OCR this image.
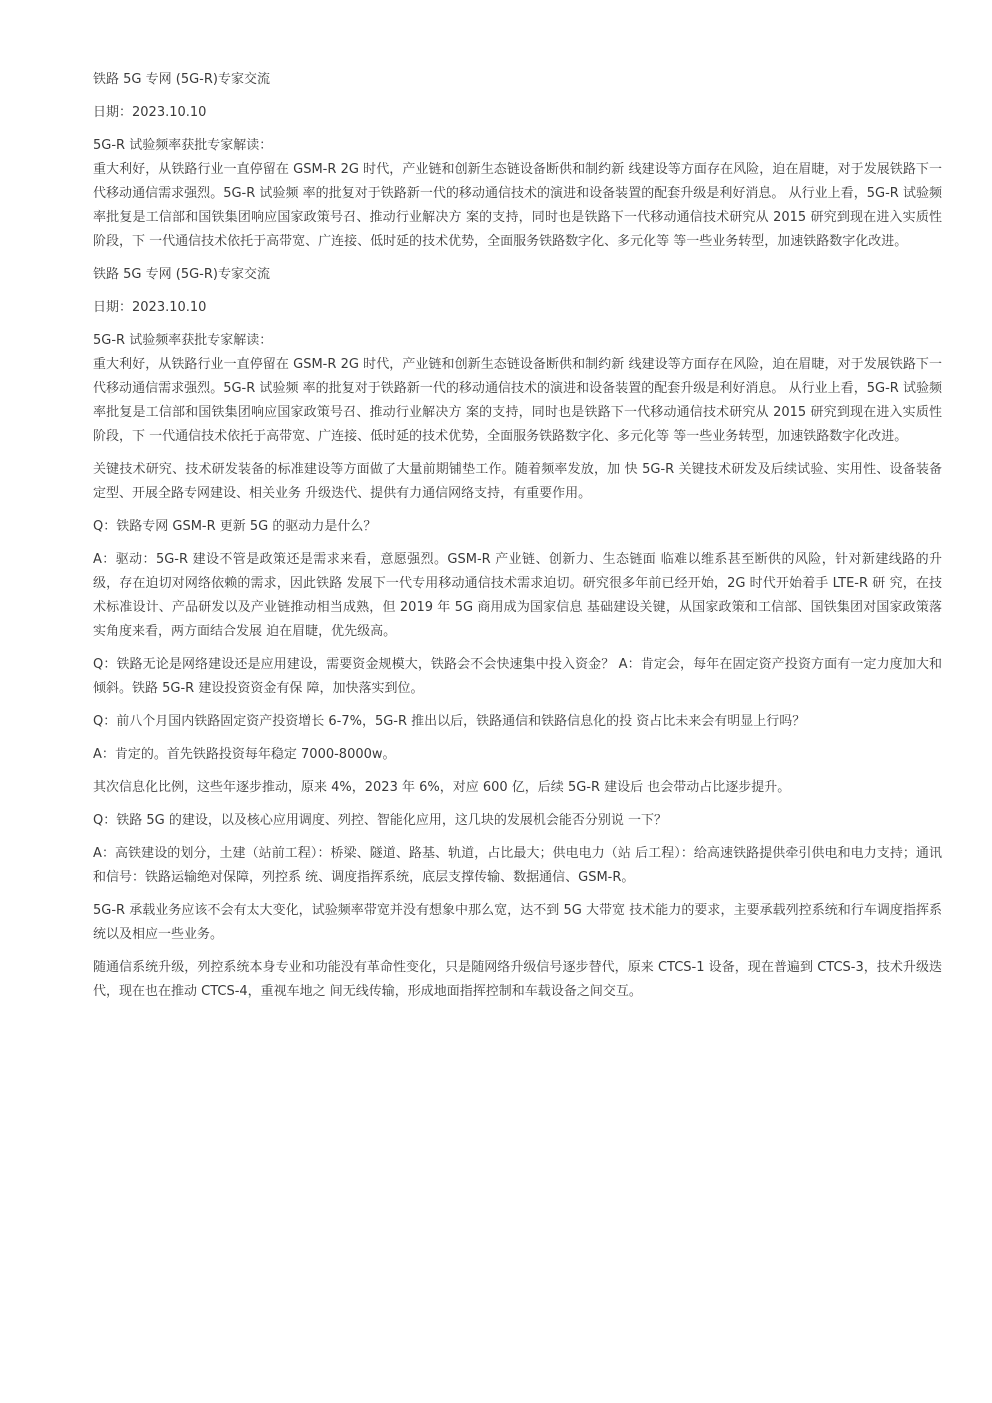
铁路 5G 专网 (5G-R)专家交流

日期：2023.10.10

5G-R 试验频率获批专家解读：

重大利好，从铁路行业一直停留在 GSM-R 2G 时代，产业链和创新生态链设备断供和制约新 线建设等方面存在风险，迫在眉睫，对于发展铁路下一代移动通信需求强烈。5G-R 试验频 率的批复对于铁路新一代的移动通信技术的演进和设备装置的配套升级是利好消息。 从行业上看，5G-R 试验频率批复是工信部和国铁集团响应国家政策号召、推动行业解决方 案的支持，同时也是铁路下一代移动通信技术研究从 2015 研究到现在进入实质性阶段，下 一代通信技术依托于高带宽、广连接、低时延的技术优势，全面服务铁路数字化、多元化等 等一些业务转型，加速铁路数字化改进。

铁路 5G 专网 (5G-R)专家交流

日期：2023.10.10

5G-R 试验频率获批专家解读：

重大利好，从铁路行业一直停留在 GSM-R 2G 时代，产业链和创新生态链设备断供和制约新 线建设等方面存在风险，迫在眉睫，对于发展铁路下一代移动通信需求强烈。5G-R 试验频 率的批复对于铁路新一代的移动通信技术的演进和设备装置的配套升级是利好消息。 从行业上看，5G-R 试验频率批复是工信部和国铁集团响应国家政策号召、推动行业解决方 案的支持，同时也是铁路下一代移动通信技术研究从 2015 研究到现在进入实质性阶段，下 一代通信技术依托于高带宽、广连接、低时延的技术优势，全面服务铁路数字化、多元化等 等一些业务转型，加速铁路数字化改进。

关键技术研究、技术研发装备的标准建设等方面做了大量前期铺垫工作。随着频率发放，加 快 5G-R 关键技术研发及后续试验、实用性、设备装备定型、开展全路专网建设、相关业务 升级迭代、提供有力通信网络支持，有重要作用。

Q：铁路专网 GSM-R 更新 5G 的驱动力是什么？

A：驱动：5G-R 建设不管是政策还是需求来看，意愿强烈。GSM-R 产业链、创新力、生态链面 临难以维系甚至断供的风险，针对新建线路的升级，存在迫切对网络依赖的需求，因此铁路 发展下一代专用移动通信技术需求迫切。研究很多年前已经开始，2G 时代开始着手 LTE-R 研 究，在技术标准设计、产品研发以及产业链推动相当成熟，但 2019 年 5G 商用成为国家信息 基础建设关键，从国家政策和工信部、国铁集团对国家政策落实角度来看，两方面结合发展 迫在眉睫，优先级高。

Q：铁路无论是网络建设还是应用建设，需要资金规模大，铁路会不会快速集中投入资金？ A：肯定会，每年在固定资产投资方面有一定力度加大和倾斜。铁路 5G-R 建设投资资金有保 障，加快落实到位。

Q：前八个月国内铁路固定资产投资增长 6-7%，5G-R 推出以后，铁路通信和铁路信息化的投 资占比未来会有明显上行吗？

A：肯定的。首先铁路投资每年稳定 7000-8000w。

其次信息化比例，这些年逐步推动，原来 4%，2023 年 6%，对应 600 亿，后续 5G-R 建设后 也会带动占比逐步提升。

Q：铁路 5G 的建设，以及核心应用调度、列控、智能化应用，这几块的发展机会能否分别说 一下？

A：高铁建设的划分，土建（站前工程）：桥梁、隧道、路基、轨道，占比最大；供电电力（站 后工程）：给高速铁路提供牵引供电和电力支持；通讯和信号：铁路运输绝对保障，列控系 统、调度指挥系统，底层支撑传输、数据通信、GSM-R。

5G-R 承载业务应该不会有太大变化，试验频率带宽并没有想象中那么宽，达不到 5G 大带宽 技术能力的要求，主要承载列控系统和行车调度指挥系统以及相应一些业务。

随通信系统升级，列控系统本身专业和功能没有革命性变化，只是随网络升级信号逐步替代，原来 CTCS-1 设备，现在普遍到 CTCS-3，技术升级迭代，现在也在推动 CTCS-4，重视车地之 间无线传输，形成地面指挥控制和车载设备之间交互。
